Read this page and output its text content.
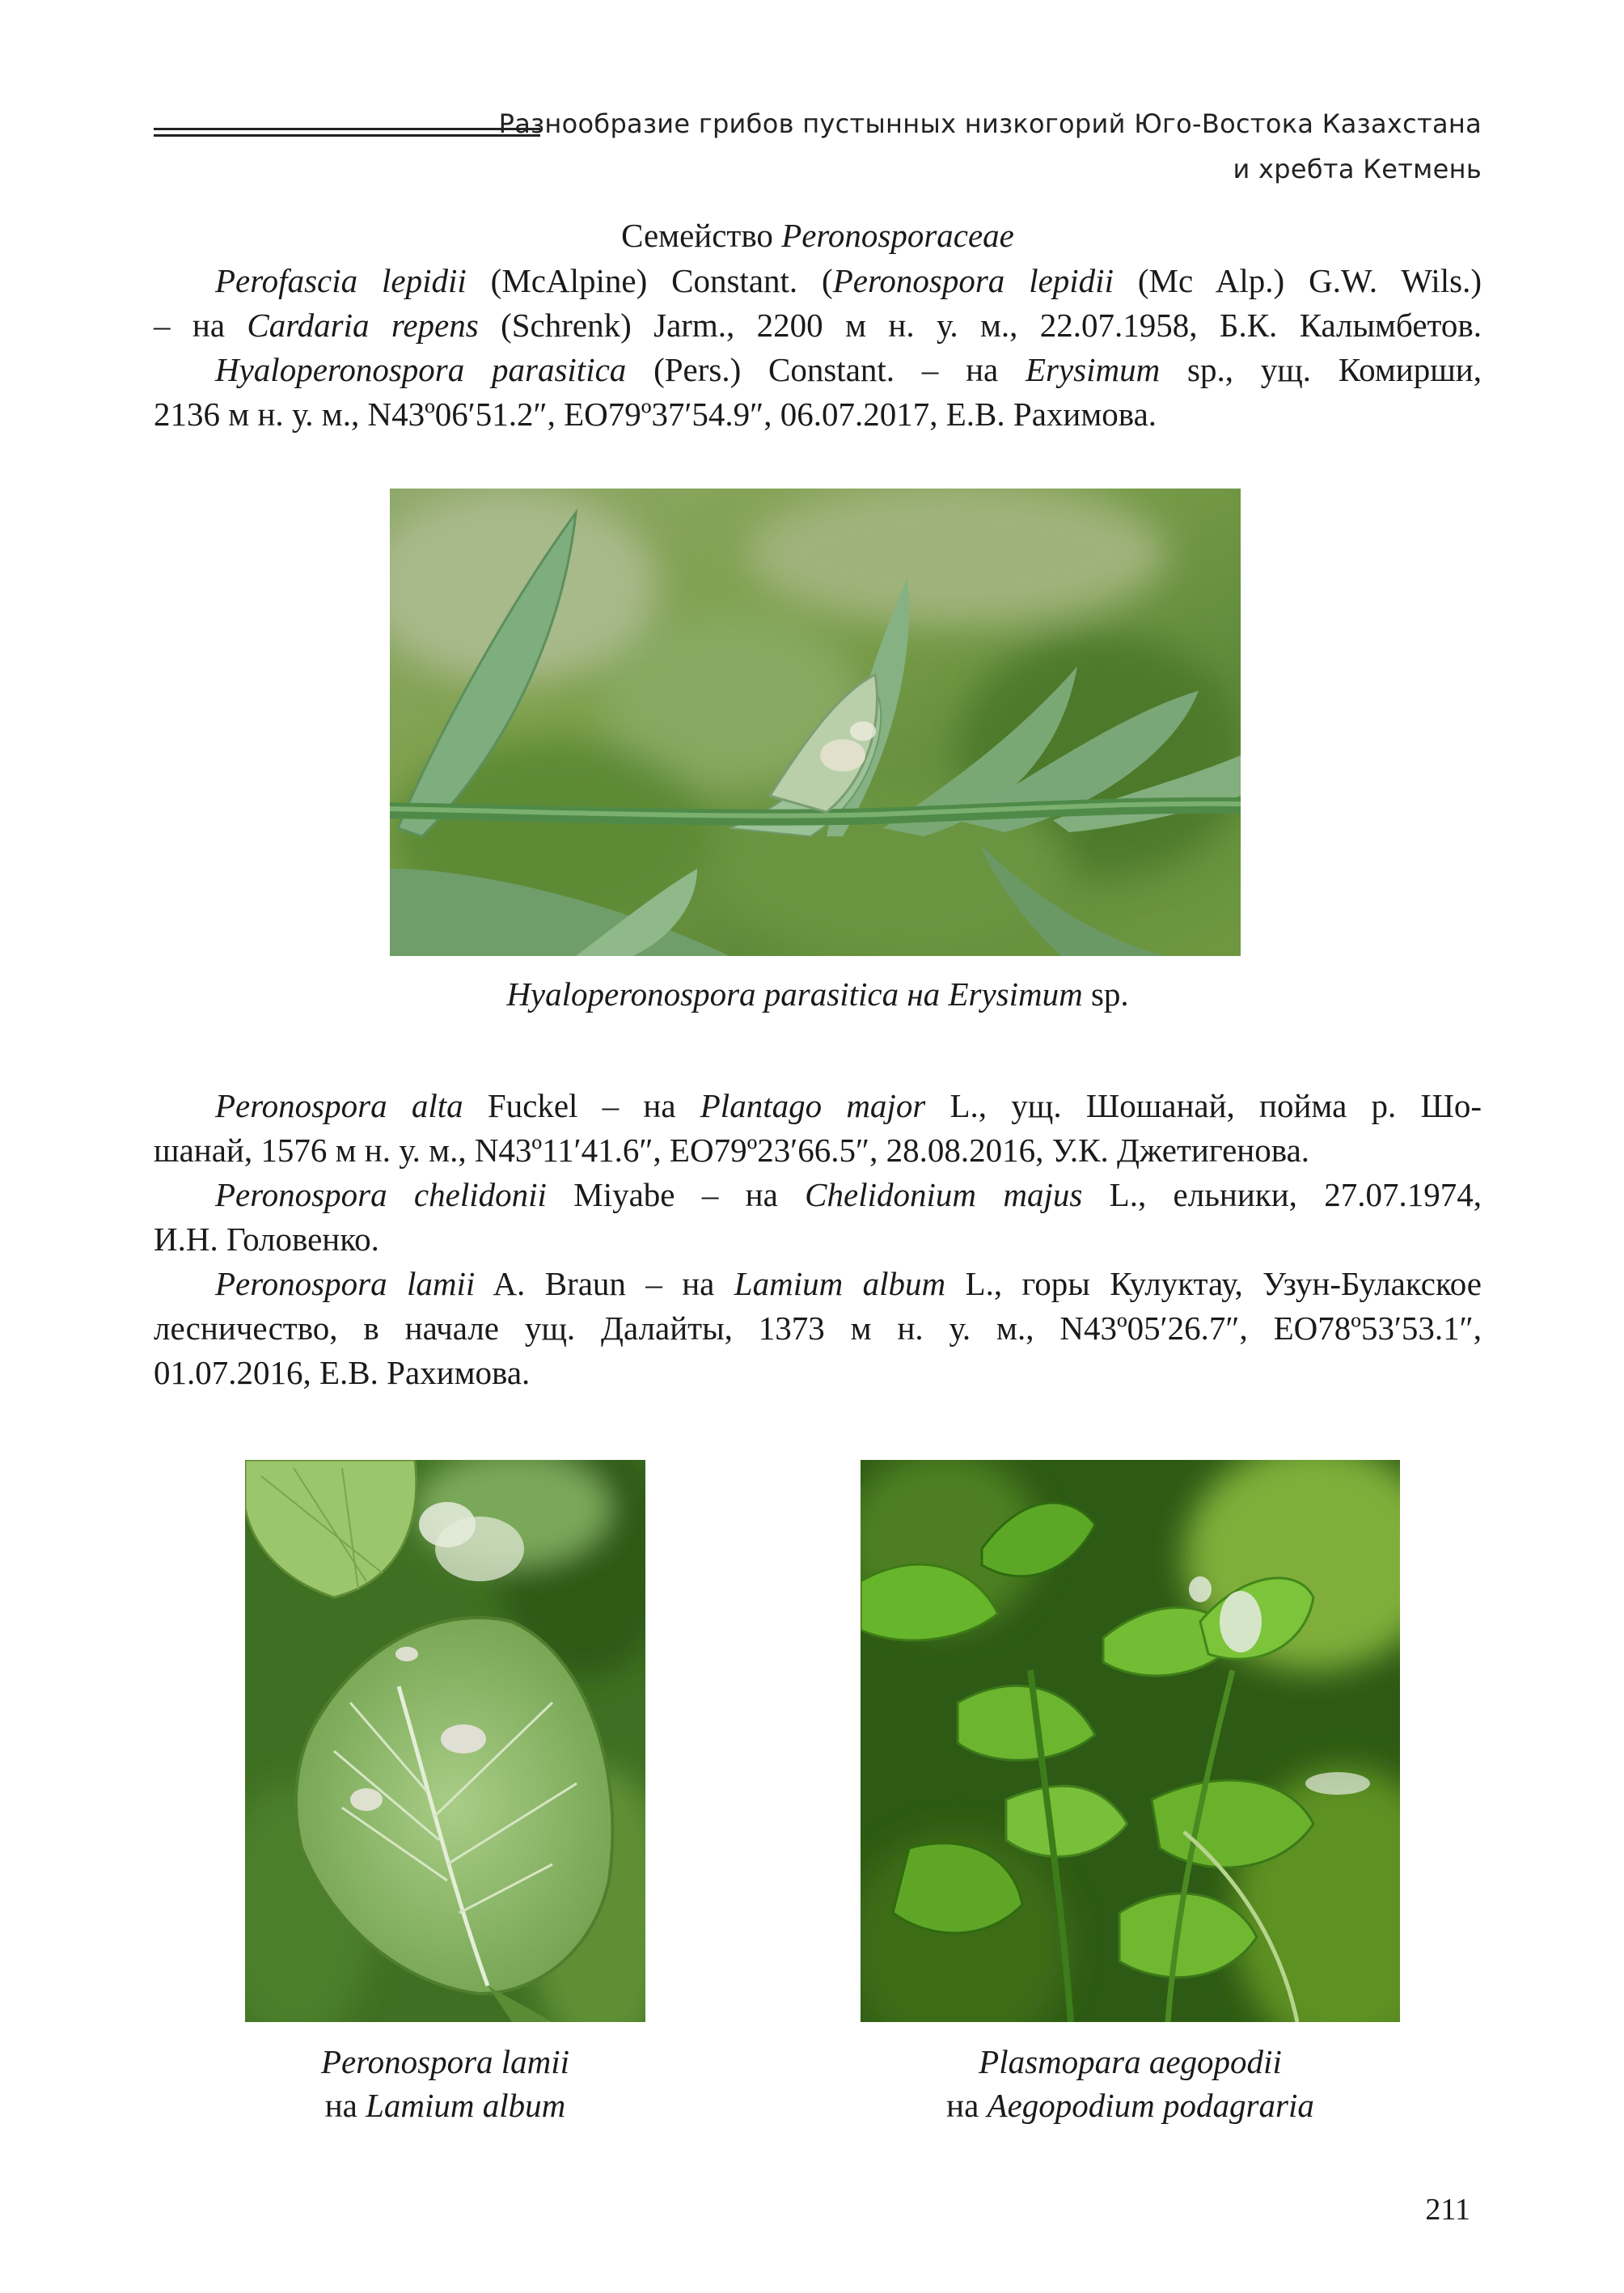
Разнообразие грибов пустынных низкогорий Юго-Востока Казахстана
и хребта Кетмень
Семейство Peronosporaceae
Perofascia lepidii (McAlpine) Constant. (Peronospora lepidii (Mc Alp.) G.W. Wils.)
– на Cardaria repens (Schrenk) Jarm., 2200 м н. у. м., 22.07.1958, Б.К. Калымбетов.
Hyaloperonospora parasitica (Pers.) Constant. – на Erysimum sp., ущ. Комирши,
2136 м н. у. м., N43º06′51.2″, EO79º37′54.9″, 06.07.2017, Е.В. Рахимова.
Hyaloperonospora parasitica на Erysimum sp.
Peronospora alta Fuckel – на Plantago major L., ущ. Шошанай, пойма р. Шо-
шанай, 1576 м н. у. м., N43º11′41.6″, EO79º23′66.5″, 28.08.2016, У.К. Джетигенова.
Peronospora chelidonii Miyabe – на Chelidonium majus L., ельники, 27.07.1974,
И.Н. Головенко.
Peronospora lamii A. Braun – на Lamium album L., горы Кулуктау, Узун-Булакское
лесничество, в начале ущ. Далайты, 1373 м н. у. м., N43º05′26.7″, EO78º53′53.1″,
01.07.2016, Е.В. Рахимова.
Peronospora lamii
на Lamium album
Plasmopara aegopodii
на Aegopodium podagraria
211
